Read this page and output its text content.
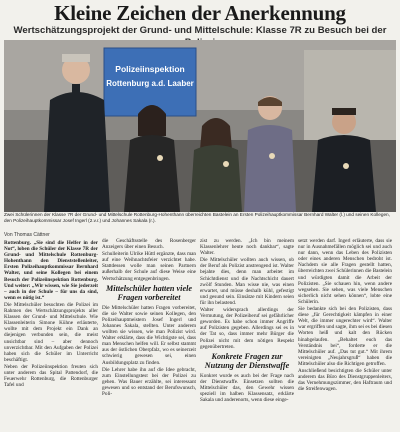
Kleine Zeichen der Anerkennung
Wertschätzungsprojekt der Grund- und Mittelschule: Klasse 7R zu Besuch bei der
Polizeiinspektion
Rottenburg a.d. Laaber
Zwei Schülerinnen der Klasse 7R der Grund- und Mittelschule Rottenburg-Hohenthann überreichten Bastelein an Ersten Polizeihauptkommissar Bernhard Walter (l.) und seinen Kollegen, den Polizeihauptkommissar Josef Ingerl (2.v.r.) und Johannes Sakala (r.).
Von Thomas Cättner

Rottenburg. „Sie sind die Helfer in der Not“, loben die Schüler der Klasse 7R der Grund- und Mittelschule Rottenburg-Hohenthann den Dienststellenleiter, Ersten Polizeihauptkommissar Bernhard Walter, und seine Kollegen bei einem Besuch der Polizeiinspektion Rottenburg. Und weiter: „Wir wissen, wie Sie jederzeit – auch in der Schule – für uns da sind, wenn es nötig ist.“

Die Mittelschüler besuchten die Polizei im Rahmen des Wertschätzungsprojekts aller Klassen der Grund- und Mittelschule. Wie Klassenleiterin Simone Kühne erläuterte, wollte mit dem Projekt ein Dank an diejenigen verbunden sein, die meist unsichtbar sind – aber dennoch unverzichtbar. Mit den Aufgaben der Polizei haben sich die Schüler im Unterricht beschäftigt.

Neben der Polizeiinspektion freuten sich unter anderem das Spital Pattendorf, die Feuerwehr Rottenburg, die Rottenburger Tafel und

die Geschäftsstelle des Rosenberger Anzeigers über einen Besuch.

Schulleiterin Ulrike Hüttl ergänzte, dass man auf eine Weihnachtsfeier verzichtet habe. Stattdessen wolle man seinen Partnern außerhalb der Schule auf diese Weise eine Wertschätzung entgegenbringen.

Mittelschüler hatten viele Fragen vorbereitet

Die Mittelschüler hatten Fragen vorbereitet, die sie Walter sowie seinen Kollegen, den Polizeihauptmeistern Josef Ingerl und Johannes Sakala, stellten. Unter anderem wollten sie wissen, wie man Polizist wird. Walter erklärte, dass die Wichtigste sei, dass man Menschen helfen will. Er selbst stammt aus der östlichen Oberpfalz, wo es seinerzeit schwierig gewesen sei, einen Ausbildungsplatz zu finden.

Die Lehrer habe ihn auf die Idee gebracht, zum Einstellungstest bei der Polizei zu gehen. Was Bauer erzählte, sei interessant gewesen und so entstand der Berufswunsch, Poli-

zist zu werden. „Ich bin meinem Klassenlehrer heute noch dankbar“, sagte Walter.

Die Mittelschüler wollten auch wissen, ob der Beruf als Polizist anstrengend ist. Walter bejahte dies, denn man arbeitet im Schichtdienst und die Nachtschicht dauert zwölf Stunden. Man wisse nie, was einen erwartet, und müsse deshalb kühl, gefestigt und gesund sein. Einsätze mit Kindern seien für ihn belastend.

Walter widersprach allerdings der Vermutung, der Polizeiberuf sei gefährlicher geworden. Es habe schon immer Angriffe auf Polizisten gegeben. Allerdings sei es in der Tat so, dass immer mehr Bürger die Polizei nicht mit dem nötigen Respekt gegenübertreten.

Konkrete Fragen zur Nutzung der Dienstwaffe

Konkret wurde es auch bei der Frage nach der Dienstwaffe. Einsetzen sollten die Mittelschüler das, den Gewehr wissen speziell im halben Klassensatz, erklärte Sakala und anderenorts, wenn diese einge-

setzt werden darf. Ingerl erläuterte, dass sie nur in Ausnahmefällen möglich sei und auch nur dann, wenn das Leben des Polizisten oder eines anderen Menschen bedroht ist. Nachdem sie alle Fragen gestellt hatten, überreichten zwei Schülerinnen die Bastelein und würdigten damit die Arbeit der Polizisten. „Sie schauen hin, wenn andere wegsehen. Sie sehen, was viele Menschen sicherlich nicht sehen können“, lobte eine Schülerin.

Sie bedankte sich bei den Polizisten, dass diese „für Gerechtigkeit kämpfen in einer Welt, die immer ungerechter wird“. Walter war ergriffen und sagte, ihm sei es bei diesen Worten heiß und kalt den Rücken hinabgelaufen. „Behaltet euch das Verständnis bei“, forderte er die Mittelschüler auf. „Das tut gut.“ Mit ihrem vereinigten „Neujahrsgruß“ haben die Mittelschüler also die Richtigen getroffen.

Anschließend besichtigten die Schüler unter anderem das Büro des Dienstgruppenleiters, das Vernehmungszimmer, den Haftraum und die Streifenwagen.
